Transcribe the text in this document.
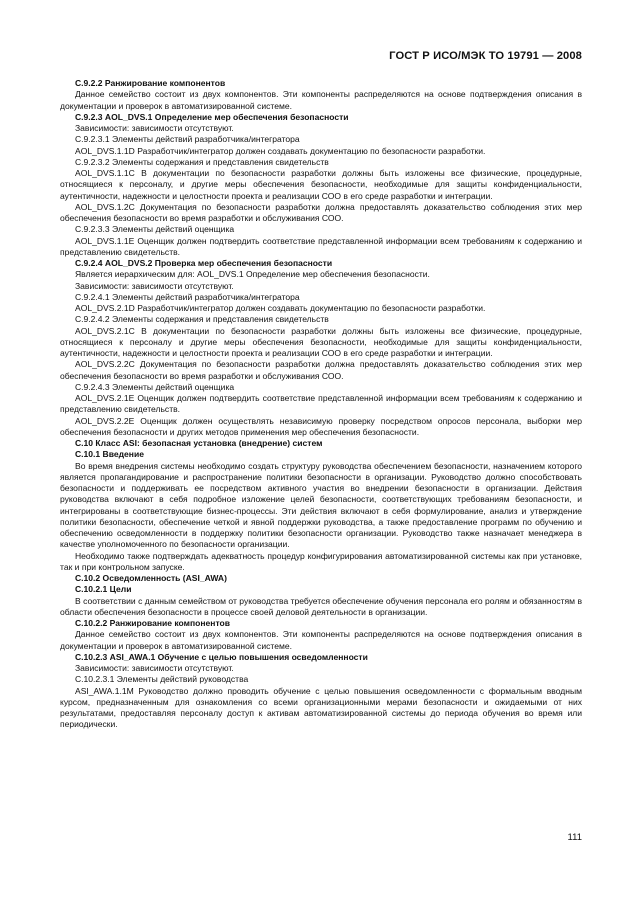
ГОСТ Р ИСО/МЭК ТО 19791 — 2008

С.9.2.2 Ранжирование компонентов

Данное семейство состоит из двух компонентов. Эти компоненты распределяются на основе подтверждения описания в документации и проверок в автоматизированной системе.

С.9.2.3 AOL_DVS.1 Определение мер обеспечения безопасности

Зависимости: зависимости отсутствуют.

С.9.2.3.1 Элементы действий разработчика/интегратора

AOL_DVS.1.1D Разработчик/интегратор должен создавать документацию по безопасности разработки.

С.9.2.3.2 Элементы содержания и представления свидетельств

AOL_DVS.1.1C В документации по безопасности разработки должны быть изложены все физические, процедурные, относящиеся к персоналу, и другие меры обеспечения безопасности, необходимые для защиты конфиденциальности, аутентичности, надежности и целостности проекта и реализации СОО в его среде разработки и интеграции.

AOL_DVS.1.2C Документация по безопасности разработки должна предоставлять доказательство соблюдения этих мер обеспечения безопасности во время разработки и обслуживания СОО.

С.9.2.3.3 Элементы действий оценщика

AOL_DVS.1.1E Оценщик должен подтвердить соответствие представленной информации всем требованиям к содержанию и представлению свидетельств.

С.9.2.4 AOL_DVS.2 Проверка мер обеспечения безопасности

Является иерархическим для: AOL_DVS.1 Определение мер обеспечения безопасности.

Зависимости: зависимости отсутствуют.

С.9.2.4.1 Элементы действий разработчика/интегратора

AOL_DVS.2.1D Разработчик/интегратор должен создавать документацию по безопасности разработки.

С.9.2.4.2 Элементы содержания и представления свидетельств

AOL_DVS.2.1C В документации по безопасности разработки должны быть изложены все физические, процедурные, относящиеся к персоналу и другие меры обеспечения безопасности, необходимые для защиты конфиденциальности, аутентичности, надежности и целостности проекта и реализации СОО в его среде разработки и интеграции.

AOL_DVS.2.2C Документация по безопасности разработки должна предоставлять доказательство соблюдения этих мер обеспечения безопасности во время разработки и обслуживания СОО.

С.9.2.4.3 Элементы действий оценщика

AOL_DVS.2.1E Оценщик должен подтвердить соответствие представленной информации всем требованиям к содержанию и представлению свидетельств.

AOL_DVS.2.2E Оценщик должен осуществлять независимую проверку посредством опросов персонала, выборки мер обеспечения безопасности и других методов применения мер обеспечения безопасности.

С.10 Класс ASI: безопасная установка (внедрение) систем

С.10.1 Введение

Во время внедрения системы необходимо создать структуру руководства обеспечением безопасности, назначением которого является пропагандирование и распространение политики безопасности в организации. Руководство должно способствовать безопасности и поддерживать ее посредством активного участия во внедрении безопасности в организации. Действия руководства включают в себя подробное изложение целей безопасности, соответствующих требованиям безопасности, и интегрированы в соответствующие бизнес-процессы. Эти действия включают в себя формулирование, анализ и утверждение политики безопасности, обеспечение четкой и явной поддержки руководства, а также предоставление программ по обучению и обеспечению осведомленности в поддержку политики безопасности организации. Руководство также назначает менеджера в качестве уполномоченного по безопасности организации.

Необходимо также подтверждать адекватность процедур конфигурирования автоматизированной системы как при установке, так и при контрольном запуске.

С.10.2 Осведомленность (ASI_AWA)

С.10.2.1 Цели

В соответствии с данным семейством от руководства требуется обеспечение обучения персонала его ролям и обязанностям в области обеспечения безопасности в процессе своей деловой деятельности в организации.

С.10.2.2 Ранжирование компонентов

Данное семейство состоит из двух компонентов. Эти компоненты распределяются на основе подтверждения описания в документации и проверок в автоматизированной системе.

С.10.2.3 ASI_AWA.1 Обучение с целью повышения осведомленности

Зависимости: зависимости отсутствуют.

С.10.2.3.1 Элементы действий руководства

ASI_AWA.1.1M Руководство должно проводить обучение с целью повышения осведомленности с формальным вводным курсом, предназначенным для ознакомления со всеми организационными мерами безопасности и ожидаемыми от них результатами, предоставляя персоналу доступ к активам автоматизированной системы до периода обучения во время или периодически.

111
